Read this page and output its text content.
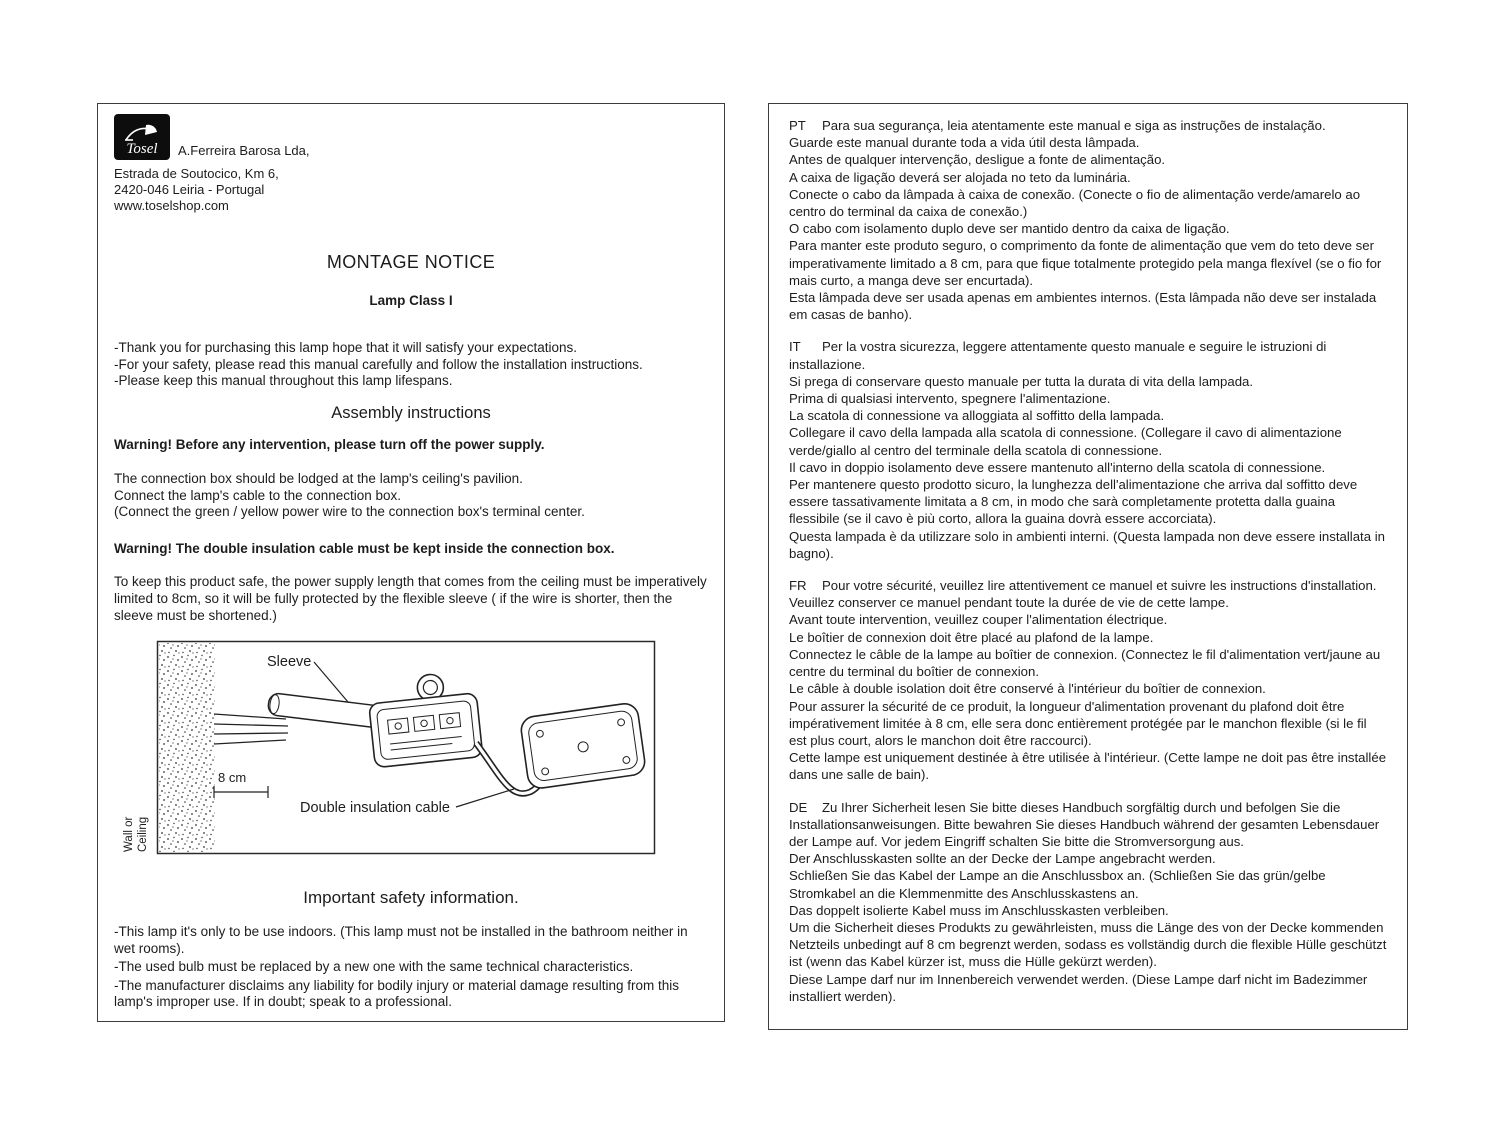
Tosel A.Ferreira Barosa Lda,
Estrada de Soutocico, Km 6,
2420-046 Leiria - Portugal
www.toselshop.com
MONTAGE NOTICE
Lamp Class I
-Thank you for purchasing this lamp hope that it will satisfy your expectations.
-For your safety, please read this manual carefully and follow the installation instructions.
-Please keep this manual throughout this lamp lifespans.
Assembly instructions
Warning! Before any intervention, please turn off the power supply.
The connection box should be lodged at the lamp's ceiling's pavilion.
Connect the lamp's cable to the connection box.
(Connect the green / yellow power wire to the connection box's terminal center.
Warning! The double insulation cable must be kept inside the connection box.
To keep this product safe, the power supply length that comes from the ceiling must be imperatively limited to 8cm, so it will be fully protected by the flexible sleeve ( if the wire is shorter, then the sleeve must be shortened.)
Sleeve
8 cm
Double insulation cable
Wall or Ceiling
Important safety information.
-This lamp it's only to be use indoors. (This lamp must not be installed in the bathroom neither in wet rooms).
-The used bulb must be replaced by a new one with the same technical characteristics.
-The manufacturer disclaims any liability for bodily injury or material damage resulting from this lamp's improper use. If in doubt; speak to a professional.
PT Para sua segurança, leia atentamente este manual e siga as instruções de instalação.
Guarde este manual durante toda a vida útil desta lâmpada.
Antes de qualquer intervenção, desligue a fonte de alimentação.
A caixa de ligação deverá ser alojada no teto da luminária.
Conecte o cabo da lâmpada à caixa de conexão. (Conecte o fio de alimentação verde/amarelo ao centro do terminal da caixa de conexão.)
O cabo com isolamento duplo deve ser mantido dentro da caixa de ligação.
Para manter este produto seguro, o comprimento da fonte de alimentação que vem do teto deve ser imperativamente limitado a 8 cm, para que fique totalmente protegido pela manga flexível (se o fio for mais curto, a manga deve ser encurtada).
Esta lâmpada deve ser usada apenas em ambientes internos. (Esta lâmpada não deve ser instalada em casas de banho).
IT Per la vostra sicurezza, leggere attentamente questo manuale e seguire le istruzioni di installazione.
Si prega di conservare questo manuale per tutta la durata di vita della lampada.
Prima di qualsiasi intervento, spegnere l'alimentazione.
La scatola di connessione va alloggiata al soffitto della lampada.
Collegare il cavo della lampada alla scatola di connessione. (Collegare il cavo di alimentazione verde/giallo al centro del terminale della scatola di connessione.
Il cavo in doppio isolamento deve essere mantenuto all'interno della scatola di connessione.
Per mantenere questo prodotto sicuro, la lunghezza dell'alimentazione che arriva dal soffitto deve essere tassativamente limitata a 8 cm, in modo che sarà completamente protetta dalla guaina flessibile (se il cavo è più corto, allora la guaina dovrà essere accorciata).
Questa lampada è da utilizzare solo in ambienti interni. (Questa lampada non deve essere installata in bagno).
FR Pour votre sécurité, veuillez lire attentivement ce manuel et suivre les instructions d'installation. Veuillez conserver ce manuel pendant toute la durée de vie de cette lampe.
Avant toute intervention, veuillez couper l'alimentation électrique.
Le boîtier de connexion doit être placé au plafond de la lampe.
Connectez le câble de la lampe au boîtier de connexion. (Connectez le fil d'alimentation vert/jaune au centre du terminal du boîtier de connexion.
Le câble à double isolation doit être conservé à l'intérieur du boîtier de connexion.
Pour assurer la sécurité de ce produit, la longueur d'alimentation provenant du plafond doit être impérativement limitée à 8 cm, elle sera donc entièrement protégée par le manchon flexible (si le fil est plus court, alors le manchon doit être raccourci).
Cette lampe est uniquement destinée à être utilisée à l'intérieur. (Cette lampe ne doit pas être installée dans une salle de bain).
DE Zu Ihrer Sicherheit lesen Sie bitte dieses Handbuch sorgfältig durch und befolgen Sie die Installationsanweisungen. Bitte bewahren Sie dieses Handbuch während der gesamten Lebensdauer der Lampe auf. Vor jedem Eingriff schalten Sie bitte die Stromversorgung aus.
Der Anschlusskasten sollte an der Decke der Lampe angebracht werden.
Schließen Sie das Kabel der Lampe an die Anschlussbox an. (Schließen Sie das grün/gelbe Stromkabel an die Klemmenmitte des Anschlusskastens an.
Das doppelt isolierte Kabel muss im Anschlusskasten verbleiben.
Um die Sicherheit dieses Produkts zu gewährleisten, muss die Länge des von der Decke kommenden Netzteils unbedingt auf 8 cm begrenzt werden, sodass es vollständig durch die flexible Hülle geschützt ist (wenn das Kabel kürzer ist, muss die Hülle gekürzt werden).
Diese Lampe darf nur im Innenbereich verwendet werden. (Diese Lampe darf nicht im Badezimmer installiert werden).
